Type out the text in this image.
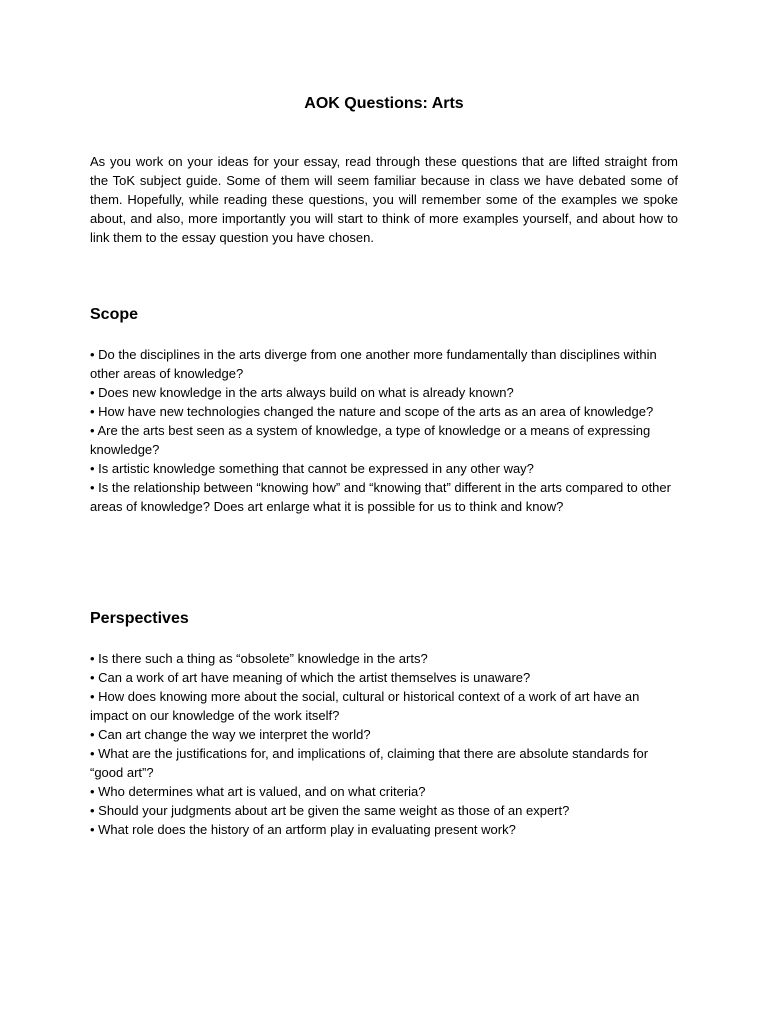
AOK Questions: Arts

As you work on your ideas for your essay, read through these questions that are lifted straight from the ToK subject guide. Some of them will seem familiar because in class we have debated some of them. Hopefully, while reading these questions, you will remember some of the examples we spoke about, and also, more importantly you will start to think of more examples yourself, and about how to link them to the essay question you have chosen.

Scope
• Do the disciplines in the arts diverge from one another more fundamentally than disciplines within other areas of knowledge?
• Does new knowledge in the arts always build on what is already known?
• How have new technologies changed the nature and scope of the arts as an area of knowledge?
• Are the arts best seen as a system of knowledge, a type of knowledge or a means of expressing knowledge?
• Is artistic knowledge something that cannot be expressed in any other way?
• Is the relationship between “knowing how” and “knowing that” different in the arts compared to other areas of knowledge? Does art enlarge what it is possible for us to think and know?
Perspectives
• Is there such a thing as “obsolete” knowledge in the arts?
• Can a work of art have meaning of which the artist themselves is unaware?
• How does knowing more about the social, cultural or historical context of a work of art have an impact on our knowledge of the work itself?
• Can art change the way we interpret the world?
• What are the justifications for, and implications of, claiming that there are absolute standards for “good art”?
• Who determines what art is valued, and on what criteria?
• Should your judgments about art be given the same weight as those of an expert?
• What role does the history of an artform play in evaluating present work?
